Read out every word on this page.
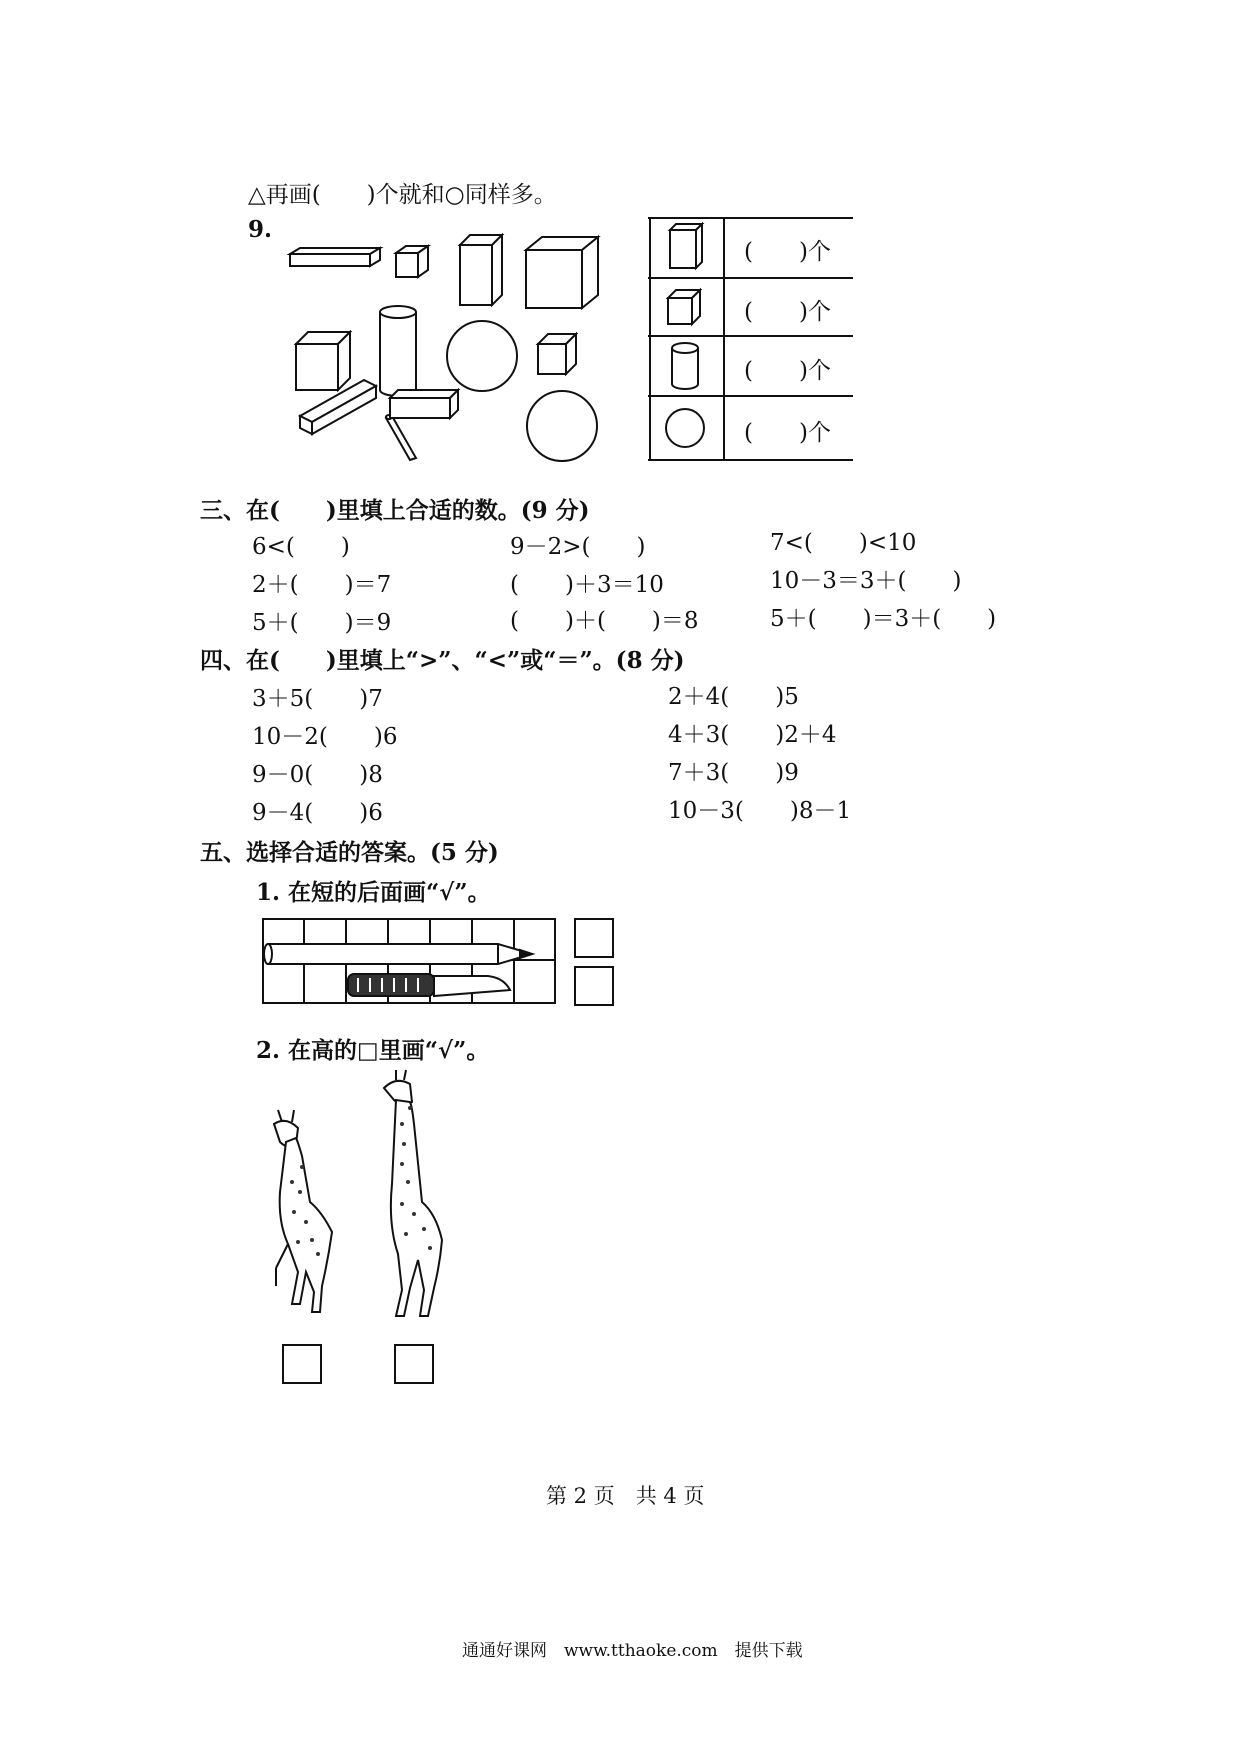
△再画(　　)个就和○同样多。
9.
(　　)个
(　　)个
(　　)个
(　　)个
三、在(　　)里填上合适的数。(9 分)
6<(　　)	9－2>(　　)	7<(　　)<10
2＋(　　)＝7	(　　)＋3＝10	10－3＝3＋(　　)
5＋(　　)＝9	(　　)＋(　　)＝8	5＋(　　)＝3＋(　　)
四、在(　　)里填上“>”、“<”或“＝”。(8 分)
3＋5(　　)7	2＋4(　　)5
10－2(　　)6	4＋3(　　)2＋4
9－0(　　)8	7＋3(　　)9
9－4(　　)6	10－3(　　)8－1
五、选择合适的答案。(5 分)
1. 在短的后面画“√”。
2. 在高的□里画“√”。
第 2 页　共 4 页
通通好课网　www.tthaoke.com　提供下载
